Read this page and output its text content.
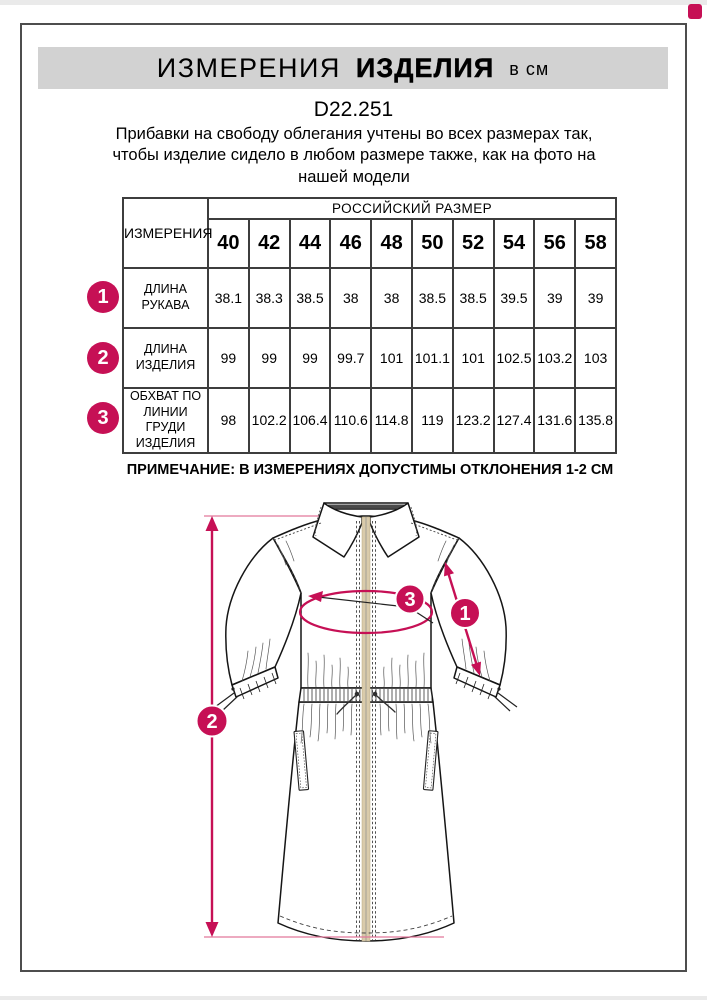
ИЗМЕРЕНИЯ ИЗДЕЛИЯ в см
D22.251
Прибавки на свободу облегания учтены во всех размерах так, чтобы изделие сидело в любом размере также, как на фото на нашей модели
ИЗМЕРЕНИЯ	РОССИЙСКИЙ РАЗМЕР									
	40	42	44	46	48	50	52	54	56	58
ДЛИНА РУКАВА	38.1	38.3	38.5	38	38	38.5	38.5	39.5	39	39
ДЛИНА ИЗДЕЛИЯ	99	99	99	99.7	101	101.1	101	102.5	103.2	103
ОБХВАТ ПО ЛИНИИ ГРУДИ ИЗДЕЛИЯ	98	102.2	106.4	110.6	114.8	119	123.2	127.4	131.6	135.8
1
2
3
ПРИМЕЧАНИЕ: В ИЗМЕРЕНИЯХ ДОПУСТИМЫ ОТКЛОНЕНИЯ 1-2 СМ
1
2
3
